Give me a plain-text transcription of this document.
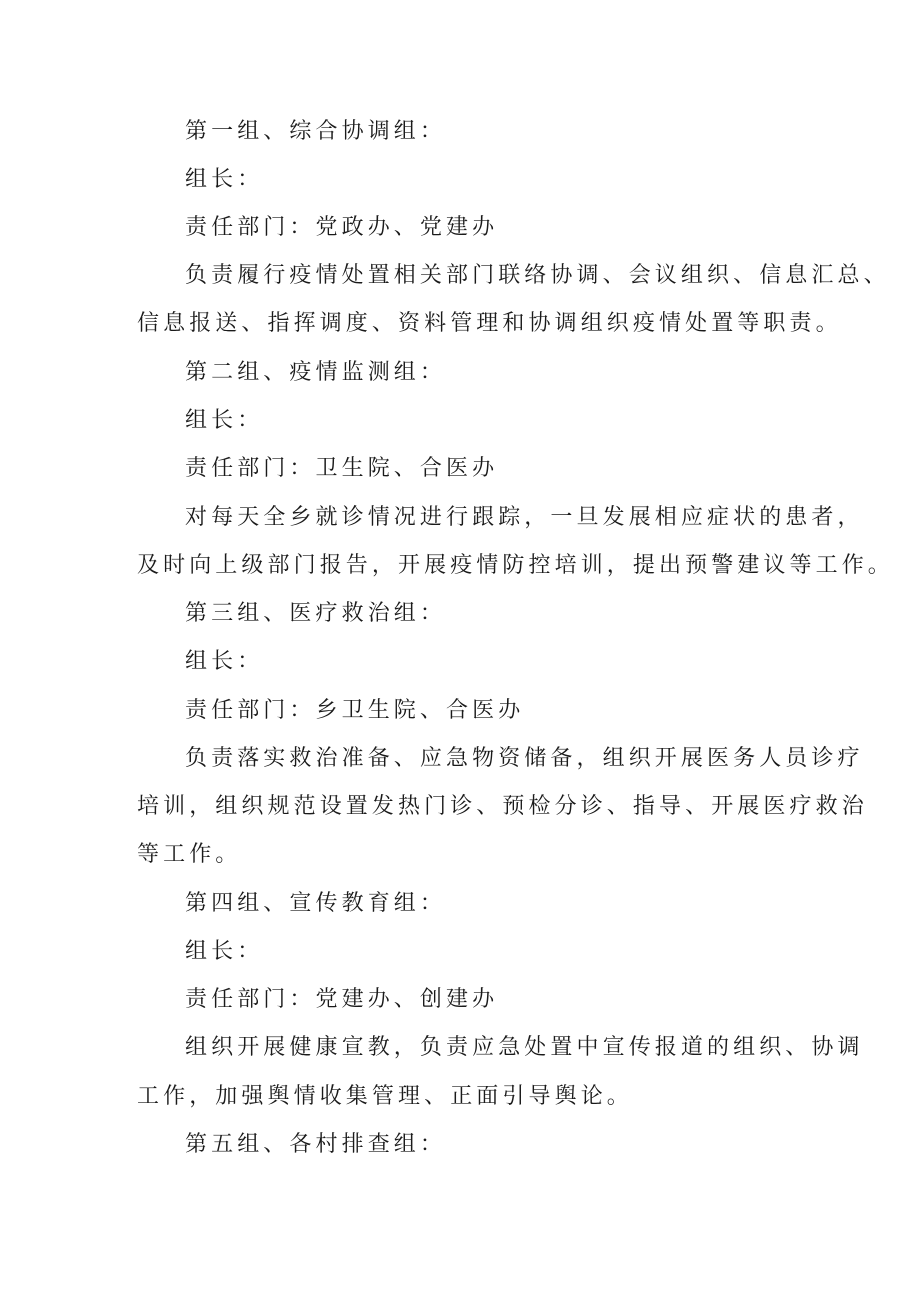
第一组、综合协调组：
组长：
责任部门：党政办、党建办
负责履行疫情处置相关部门联络协调、会议组织、信息汇总、
信息报送、指挥调度、资料管理和协调组织疫情处置等职责。
第二组、疫情监测组：
组长：
责任部门：卫生院、合医办
对每天全乡就诊情况进行跟踪，一旦发展相应症状的患者，
及时向上级部门报告，开展疫情防控培训，提出预警建议等工作。
第三组、医疗救治组：
组长：
责任部门：乡卫生院、合医办
负责落实救治准备、应急物资储备，组织开展医务人员诊疗
培训，组织规范设置发热门诊、预检分诊、指导、开展医疗救治
等工作。
第四组、宣传教育组：
组长：
责任部门：党建办、创建办
组织开展健康宣教，负责应急处置中宣传报道的组织、协调
工作，加强舆情收集管理、正面引导舆论。
第五组、各村排查组：
